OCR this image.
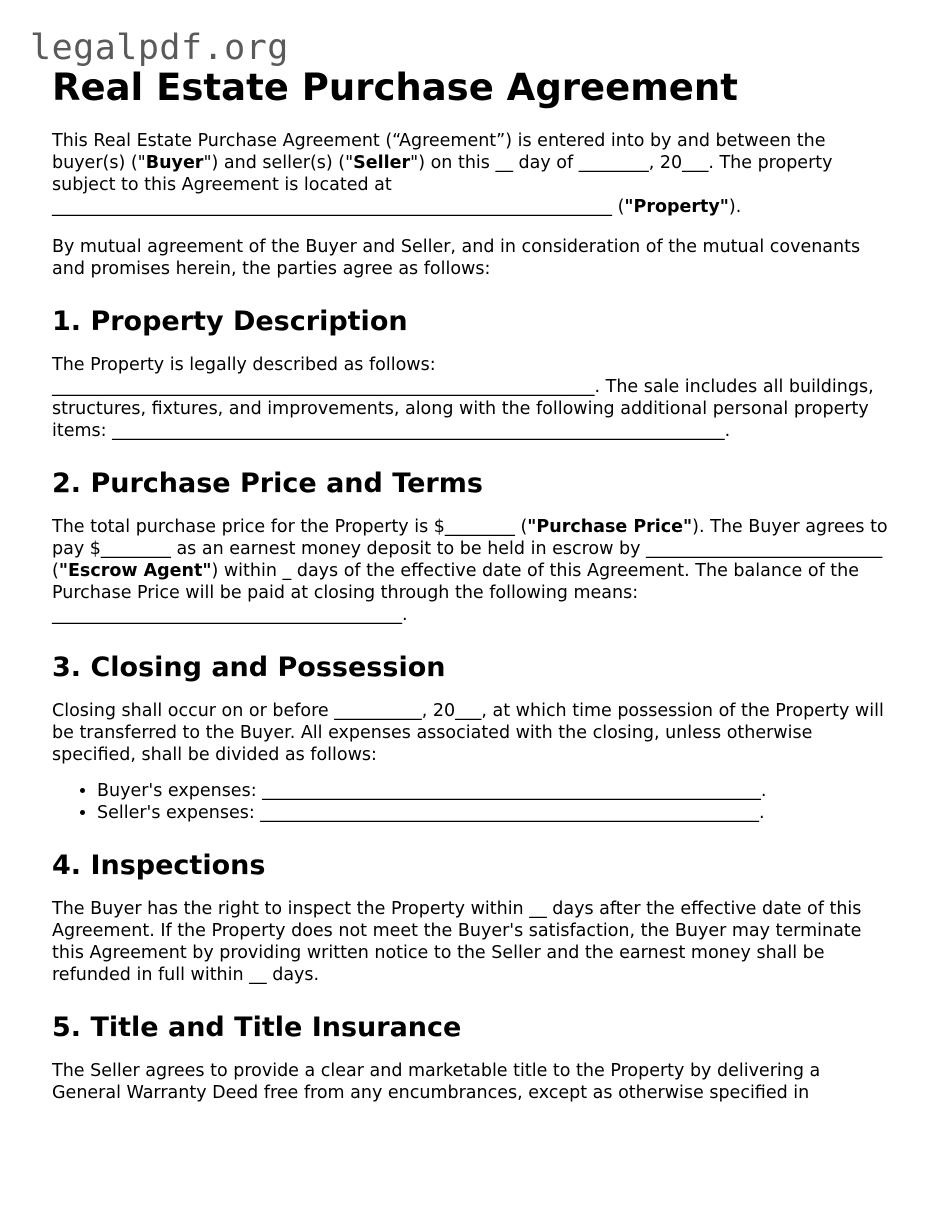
legalpdf.org
Real Estate Purchase Agreement

This Real Estate Purchase Agreement (“Agreement”) is entered into by and between the buyer(s) ("Buyer") and seller(s) ("Seller") on this __ day of ________, 20___. The property subject to this Agreement is located at ________________________________________________________________ ("Property").

By mutual agreement of the Buyer and Seller, and in consideration of the mutual covenants and promises herein, the parties agree as follows:

1. Property Description

The Property is legally described as follows: ______________________________________________________________. The sale includes all buildings, structures, fixtures, and improvements, along with the following additional personal property items: ______________________________________________________________________.

2. Purchase Price and Terms

The total purchase price for the Property is $________ ("Purchase Price"). The Buyer agrees to pay $________ as an earnest money deposit to be held in escrow by ___________________________ ("Escrow Agent") within _ days of the effective date of this Agreement. The balance of the Purchase Price will be paid at closing through the following means: ________________________________________.

3. Closing and Possession

Closing shall occur on or before __________, 20___, at which time possession of the Property will be transferred to the Buyer. All expenses associated with the closing, unless otherwise specified, shall be divided as follows:

• Buyer's expenses: _________________________________________________________.
• Seller's expenses: _________________________________________________________.
4. Inspections

The Buyer has the right to inspect the Property within __ days after the effective date of this Agreement. If the Property does not meet the Buyer's satisfaction, the Buyer may terminate this Agreement by providing written notice to the Seller and the earnest money shall be refunded in full within __ days.

5. Title and Title Insurance

The Seller agrees to provide a clear and marketable title to the Property by delivering a General Warranty Deed free from any encumbrances, except as otherwise specified in
